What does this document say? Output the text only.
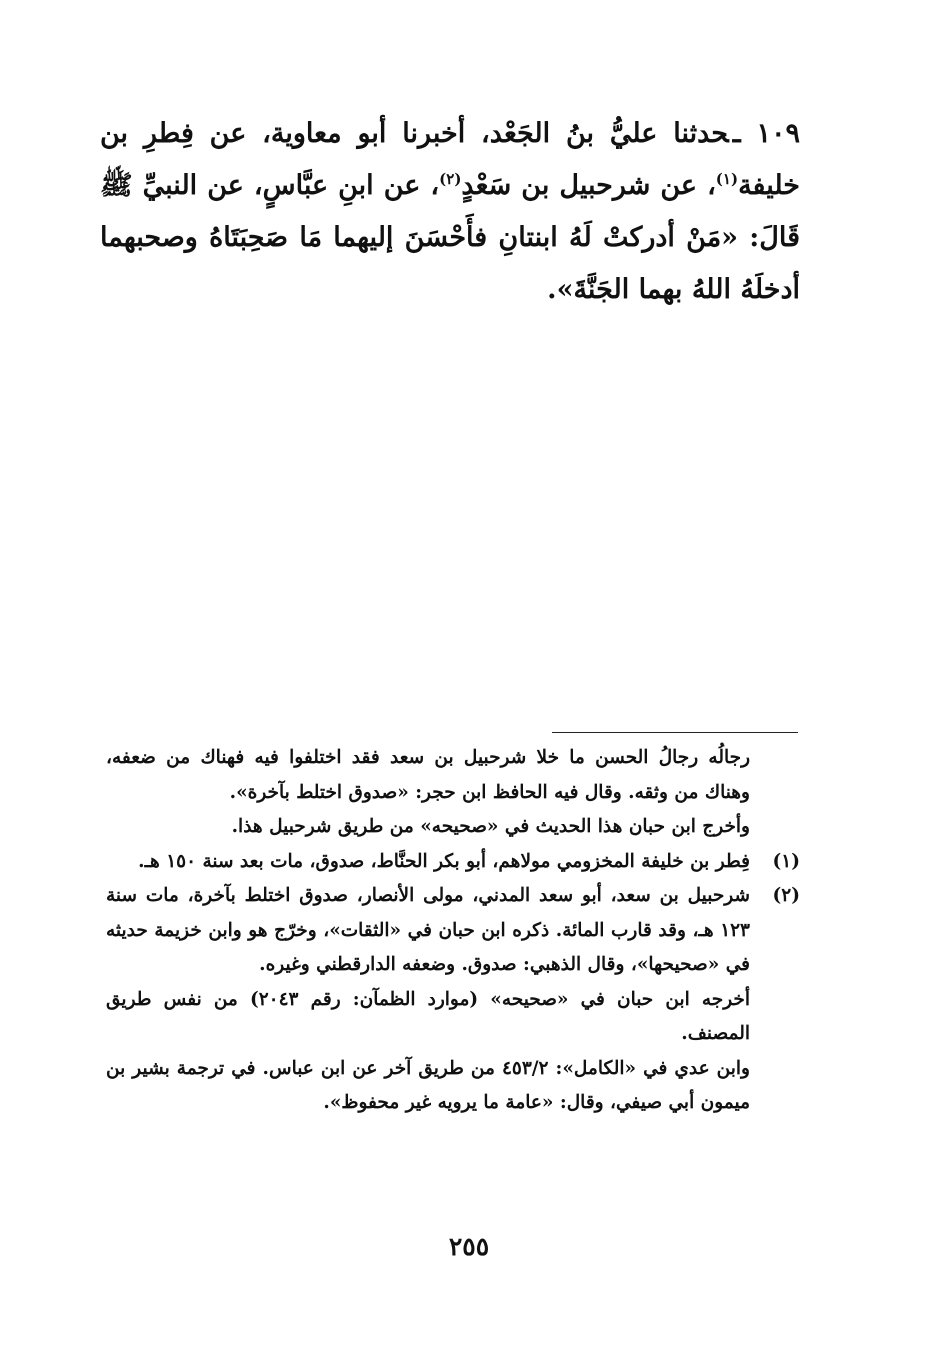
١٠٩ ـحدثنا عليُّ بنُ الجَعْد، أخبرنا أبو معاوية، عن فِطرِ بن خليفة$^{(١)}$، عن شرحبيل بن سَعْدٍ$^{(٢)}$، عن ابنِ عبَّاسٍ، عن النبيِّ ﷺ قَالَ: «مَنْ أدركتْ لَهُ ابنتانِ فأَحْسَنَ إليهما مَا صَحِبَتَاهُ وصحبهما أدخلَهُ اللهُ بهما الجَنَّةَ».

رجالُه رجالُ الحسن ما خلا شرحبيل بن سعد فقد اختلفوا فيه فهناك من ضعفه، وهناك من وثقه. وقال فيه الحافظ ابن حجر: «صدوق اختلط بآخرة».

وأخرج ابن حبان هذا الحديث في «صحيحه» من طريق شرحبيل هذا.

(١)

فِطر بن خليفة المخزومي مولاهم، أبو بكر الحنَّاط، صدوق، مات بعد سنة ١٥٠ هـ.

(٢)

شرحبيل بن سعد، أبو سعد المدني، مولى الأنصار، صدوق اختلط بآخرة، مات سنة ١٢٣ هـ، وقد قارب المائة. ذكره ابن حبان في «الثقات»، وخرّج هو وابن خزيمة حديثه في «صحيحها»، وقال الذهبي: صدوق. وضعفه الدارقطني وغيره.

أخرجه ابن حبان في «صحيحه» (موارد الظمآن: رقم ٢٠٤٣) من نفس طريق المصنف.

وابن عدي في «الكامل»: ٤٥٣/٢ من طريق آخر عن ابن عباس. في ترجمة بشير بن ميمون أبي صيفي، وقال: «عامة ما يرويه غير محفوظ».

٢٥٥
